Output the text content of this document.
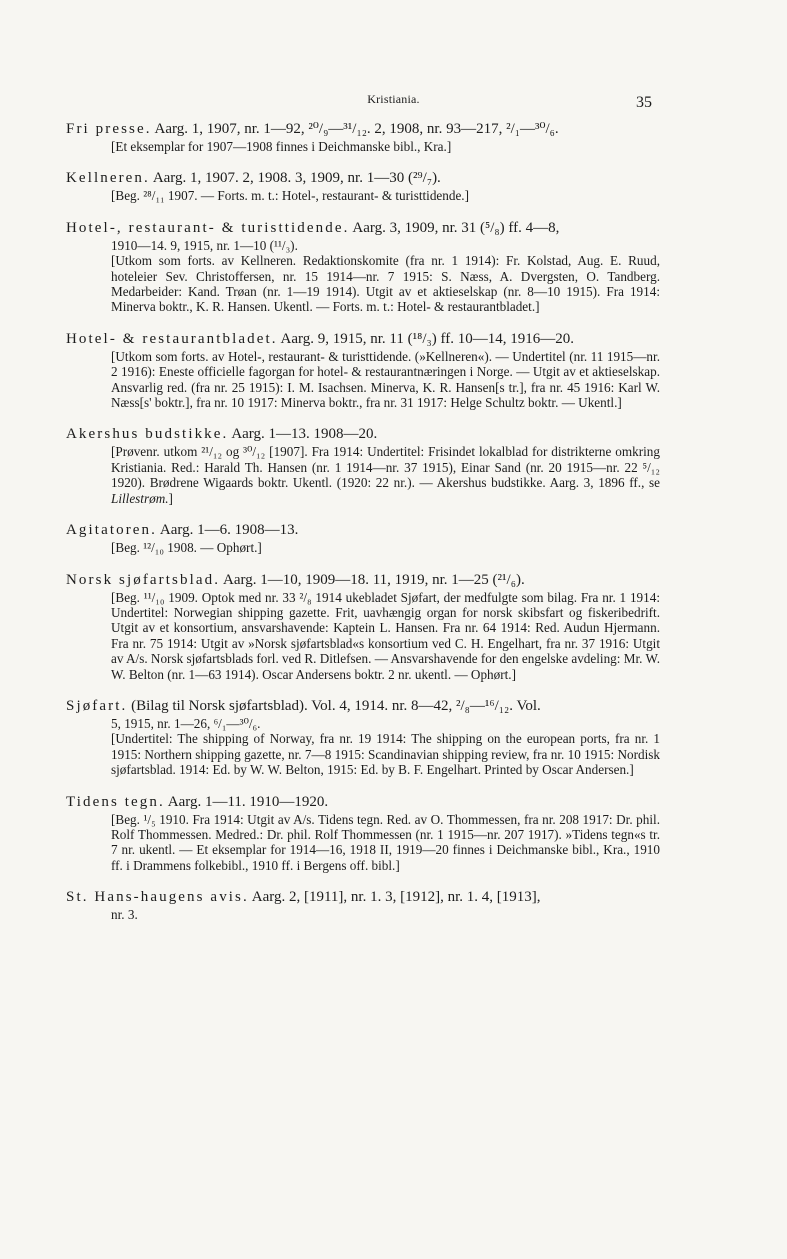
Kristiania.	35

Fri presse. Aarg. 1, 1907, nr. 1—92, ²⁰/₉—³¹/₁₂. 2, 1908, nr. 93—217, ²/₁—³⁰/₆.

[Et eksemplar for 1907—1908 finnes i Deichmanske bibl., Kra.]

Kellneren. Aarg. 1, 1907. 2, 1908. 3, 1909, nr. 1—30 (²⁹/₇).

[Beg. ²⁸/₁₁ 1907. — Forts. m. t.: Hotel-, restaurant- & turisttidende.]

Hotel-, restaurant- & turisttidende. Aarg. 3, 1909, nr. 31 (⁵/₈) ff. 4—8,

1910—14. 9, 1915, nr. 1—10 (¹¹/₃).

[Utkom som forts. av Kellneren. Redaktionskomite (fra nr. 1 1914): Fr. Kolstad, Aug. E. Ruud, hoteleier Sev. Christoffersen, nr. 15 1914—nr. 7 1915: S. Næss, A. Dvergsten, O. Tandberg. Medarbeider: Kand. Trøan (nr. 1—19 1914). Utgit av et aktieselskap (nr. 8—10 1915). Fra 1914: Minerva boktr., K. R. Hansen. Ukentl. — Forts. m. t.: Hotel- & restaurantbladet.]

Hotel- & restaurantbladet. Aarg. 9, 1915, nr. 11 (¹⁸/₃) ff. 10—14, 1916—20.

[Utkom som forts. av Hotel-, restaurant- & turisttidende. (»Kellneren«). — Undertitel (nr. 11 1915—nr. 2 1916): Eneste officielle fagorgan for hotel- & restaurantnæringen i Norge. — Utgit av et aktieselskap. Ansvarlig red. (fra nr. 25 1915): I. M. Isachsen. Minerva, K. R. Hansen[s tr.], fra nr. 45 1916: Karl W. Næss[s' boktr.], fra nr. 10 1917: Minerva boktr., fra nr. 31 1917: Helge Schultz boktr. — Ukentl.]

Akershus budstikke. Aarg. 1—13. 1908—20.

[Prøvenr. utkom ²¹/₁₂ og ³⁰/₁₂ [1907]. Fra 1914: Undertitel: Frisindet lokalblad for distrikterne omkring Kristiania. Red.: Harald Th. Hansen (nr. 1 1914—nr. 37 1915), Einar Sand (nr. 20 1915—nr. 22 ⁵/₁₂ 1920). Brødrene Wigaards boktr. Ukentl. (1920: 22 nr.). — Akershus budstikke. Aarg. 3, 1896 ff., se Lillestrøm.]

Agitatoren. Aarg. 1—6. 1908—13.

[Beg. ¹²/₁₀ 1908. — Ophørt.]

Norsk sjøfartsblad. Aarg. 1—10, 1909—18. 11, 1919, nr. 1—25 (²¹/₆).

[Beg. ¹¹/₁₀ 1909. Optok med nr. 33 ²/₈ 1914 ukebladet Sjøfart, der medfulgte som bilag. Fra nr. 1 1914: Undertitel: Norwegian shipping gazette. Frit, uavhængig organ for norsk skibsfart og fiskeribedrift. Utgit av et konsortium, ansvarshavende: Kaptein L. Hansen. Fra nr. 64 1914: Red. Audun Hjermann. Fra nr. 75 1914: Utgit av »Norsk sjøfartsblad«s konsortium ved C. H. Engelhart, fra nr. 37 1916: Utgit av A/s. Norsk sjøfartsblads forl. ved R. Ditlefsen. — Ansvarshavende for den engelske avdeling: Mr. W. W. Belton (nr. 1—63 1914). Oscar Andersens boktr. 2 nr. ukentl. — Ophørt.]

Sjøfart. (Bilag til Norsk sjøfartsblad). Vol. 4, 1914. nr. 8—42, ²/₈—¹⁶/₁₂. Vol.

5, 1915, nr. 1—26, ⁶/₁—³⁰/₆.

[Undertitel: The shipping of Norway, fra nr. 19 1914: The shipping on the european ports, fra nr. 1 1915: Northern shipping gazette, nr. 7—8 1915: Scandinavian shipping review, fra nr. 10 1915: Nordisk sjøfartsblad. 1914: Ed. by W. W. Belton, 1915: Ed. by B. F. Engelhart. Printed by Oscar Andersen.]

Tidens tegn. Aarg. 1—11. 1910—1920.

[Beg. ¹/₅ 1910. Fra 1914: Utgit av A/s. Tidens tegn. Red. av O. Thommessen, fra nr. 208 1917: Dr. phil. Rolf Thommessen. Medred.: Dr. phil. Rolf Thommessen (nr. 1 1915—nr. 207 1917). »Tidens tegn«s tr. 7 nr. ukentl. — Et eksemplar for 1914—16, 1918 II, 1919—20 finnes i Deichmanske bibl., Kra., 1910 ff. i Drammens folkebibl., 1910 ff. i Bergens off. bibl.]

St. Hans-haugens avis. Aarg. 2, [1911], nr. 1. 3, [1912], nr. 1. 4, [1913],

nr. 3.
